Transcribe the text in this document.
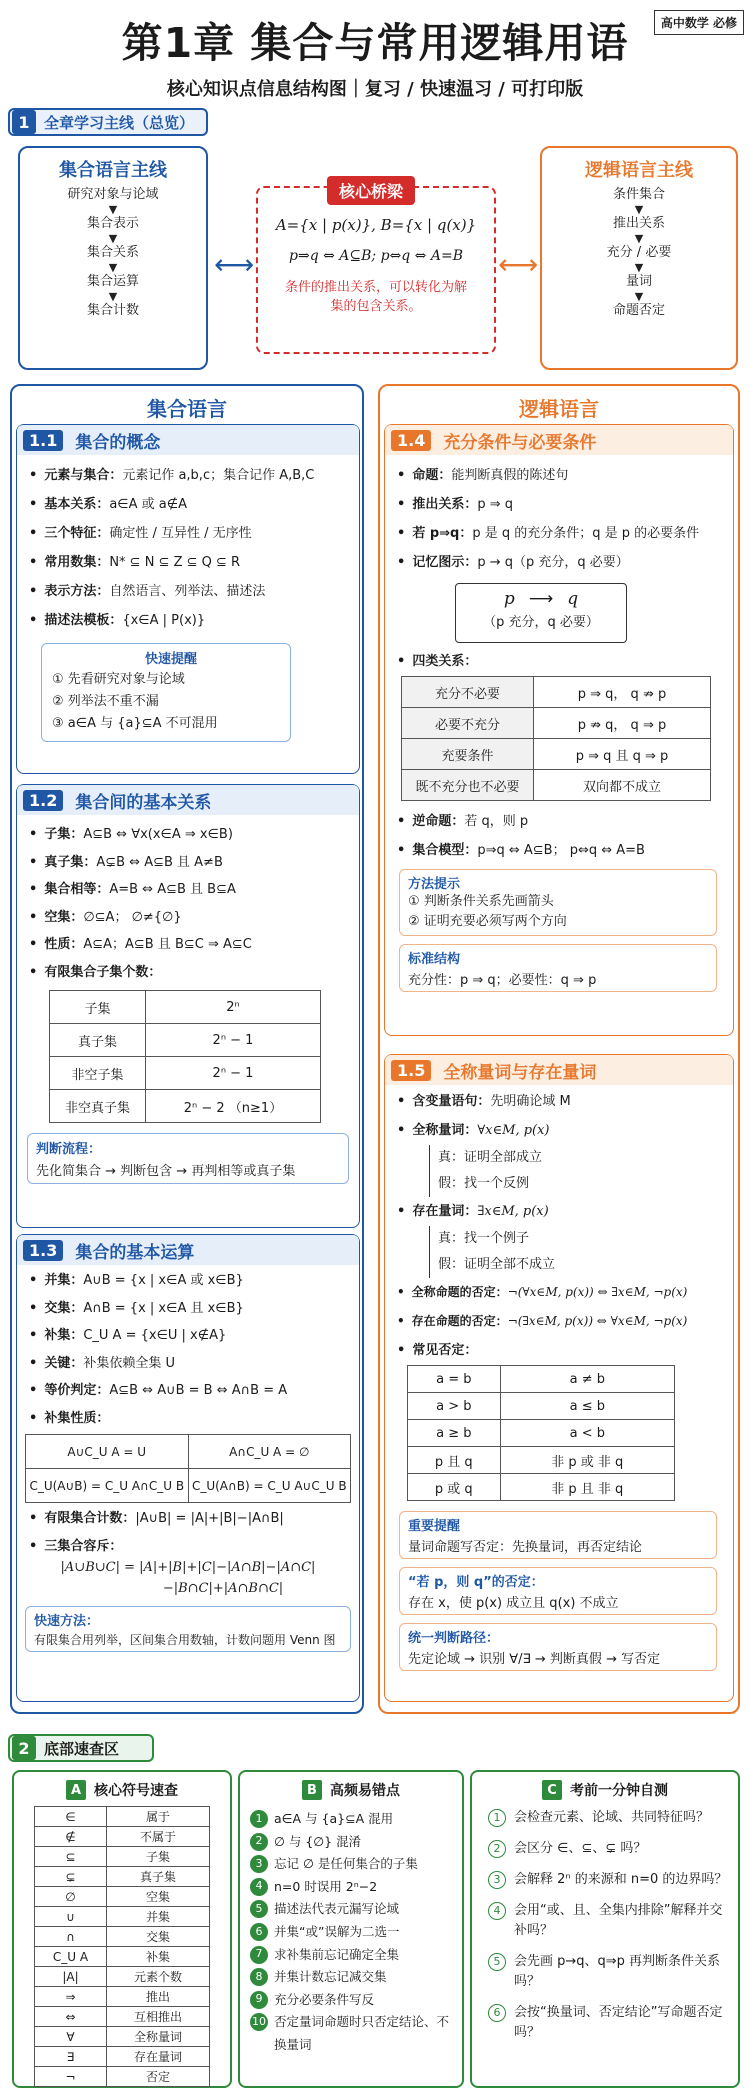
第1章 集合与常用逻辑用语	高中数学 必修
核心知识点信息结构图｜复习 / 快速温习 / 可打印版
1 全章学习主线（总览）
集合语言主线
研究对象与论域
▼
集合表示
▼
集合关系
▼
集合运算
▼
集合计数
⟷
A={x | p(x)}, B={x | q(x)}
p⇒q ⇔ A⊆B; p⇔q ⇔ A=B
条件的推出关系，可以转化为解集的包含关系。
核心桥梁
⟷
逻辑语言主线
条件集合
▼
推出关系
▼
充分 / 必要
▼
量词
▼
命题否定
集合语言
1.1	集合的概念
• 元素与集合：元素记作 a,b,c；集合记作 A,B,C
• 基本关系：a∈A 或 a∉A
• 三个特征：确定性 / 互异性 / 无序性
• 常用数集：N* ⊆ N ⊆ Z ⊆ Q ⊆ R
• 表示方法：自然语言、列举法、描述法
• 描述法模板：{x∈A | P(x)}
快速提醒
① 先看研究对象与论域
② 列举法不重不漏
③ a∈A 与 {a}⊆A 不可混用
1.2	集合间的基本关系
• 子集：A⊆B ⇔ ∀x(x∈A ⇒ x∈B)
• 真子集：A⊊B ⇔ A⊆B 且 A≠B
• 集合相等：A=B ⇔ A⊆B 且 B⊆A
• 空集：∅⊆A； ∅≠{∅}
• 性质：A⊆A；A⊆B 且 B⊆C ⇒ A⊆C
• 有限集合子集个数：
子集	2ⁿ
真子集	2ⁿ − 1
非空子集	2ⁿ − 1
非空真子集	2ⁿ − 2 （n≥1）
判断流程：
先化简集合 → 判断包含 → 再判相等或真子集
1.3	集合的基本运算
• 并集：A∪B = {x | x∈A 或 x∈B}
• 交集：A∩B = {x | x∈A 且 x∈B}
• 补集：C_U A = {x∈U | x∉A}
• 关键：补集依赖全集 U
• 等价判定：A⊆B ⇔ A∪B = B ⇔ A∩B = A
• 补集性质：
A∪C_U A = U	A∩C_U A = ∅
C_U(A∪B) = C_U A∩C_U B	C_U(A∩B) = C_U A∪C_U B
• 有限集合计数：|A∪B| = |A|+|B|−|A∩B|
• 三集合容斥：
|A∪B∪C| = |A|+|B|+|C|−|A∩B|−|A∩C|
−|B∩C|+|A∩B∩C|
快速方法：
有限集合用列举，区间集合用数轴，计数问题用 Venn 图
逻辑语言
1.4	充分条件与必要条件
• 命题：能判断真假的陈述句
• 推出关系：p ⇒ q
• 若 p⇒q：p 是 q 的充分条件；q 是 p 的必要条件
• 记忆图示：p → q（p 充分，q 必要）
p ⟶ q
（p 充分，q 必要）
• 四类关系：
充分不必要	p ⇒ q， q ⇏ p
必要不充分	p ⇏ q， q ⇒ p
充要条件	p ⇒ q 且 q ⇒ p
既不充分也不必要	双向都不成立
• 逆命题：若 q，则 p
• 集合模型：p⇒q ⇔ A⊆B； p⇔q ⇔ A=B
方法提示
① 判断条件关系先画箭头
② 证明充要必须写两个方向
标准结构
充分性：p ⇒ q；必要性：q ⇒ p
1.5	全称量词与存在量词
• 含变量语句：先明确论域 M
• 全称量词：∀x∈M, p(x)
真：证明全部成立
假：找一个反例
• 存在量词：∃x∈M, p(x)
真：找一个例子
假：证明全部不成立
• 全称命题的否定：¬(∀x∈M, p(x)) ⇔ ∃x∈M, ¬p(x)
• 存在命题的否定：¬(∃x∈M, p(x)) ⇔ ∀x∈M, ¬p(x)
• 常见否定：
a = b	a ≠ b
a > b	a ≤ b
a ≥ b	a < b
p 且 q	非 p 或 非 q
p 或 q	非 p 且 非 q
重要提醒
量词命题写否定：先换量词，再否定结论
“若 p，则 q”的否定：
存在 x，使 p(x) 成立且 q(x) 不成立
统一判断路径：
先定论域 → 识别 ∀/∃ → 判断真假 → 写否定
2 底部速查区
A 核心符号速查
∈	属于
∉	不属于
⊆	子集
⊊	真子集
∅	空集
∪	并集
∩	交集
C_U A	补集
|A|	元素个数
⇒	推出
⇔	互相推出
∀	全称量词
∃	存在量词
¬	否定
B 高频易错点
1 a∈A 与 {a}⊆A 混用
2 ∅ 与 {∅} 混淆
3 忘记 ∅ 是任何集合的子集
4 n=0 时误用 2ⁿ−2
5 描述法代表元漏写论域
6 并集“或”误解为二选一
7 求补集前忘记确定全集
8 并集计数忘记减交集
9 充分必要条件写反
10 否定量词命题时只否定结论、不换量词
C 考前一分钟自测
1	会检查元素、论域、共同特征吗？
2	会区分 ∈、⊆、⊊ 吗？
3	会解释 2ⁿ 的来源和 n=0 的边界吗？
4	会用“或、且、全集内排除”解释并交补吗？
5	会先画 p→q、q⇒p 再判断条件关系吗？
6	会按“换量词、否定结论”写命题否定吗？
